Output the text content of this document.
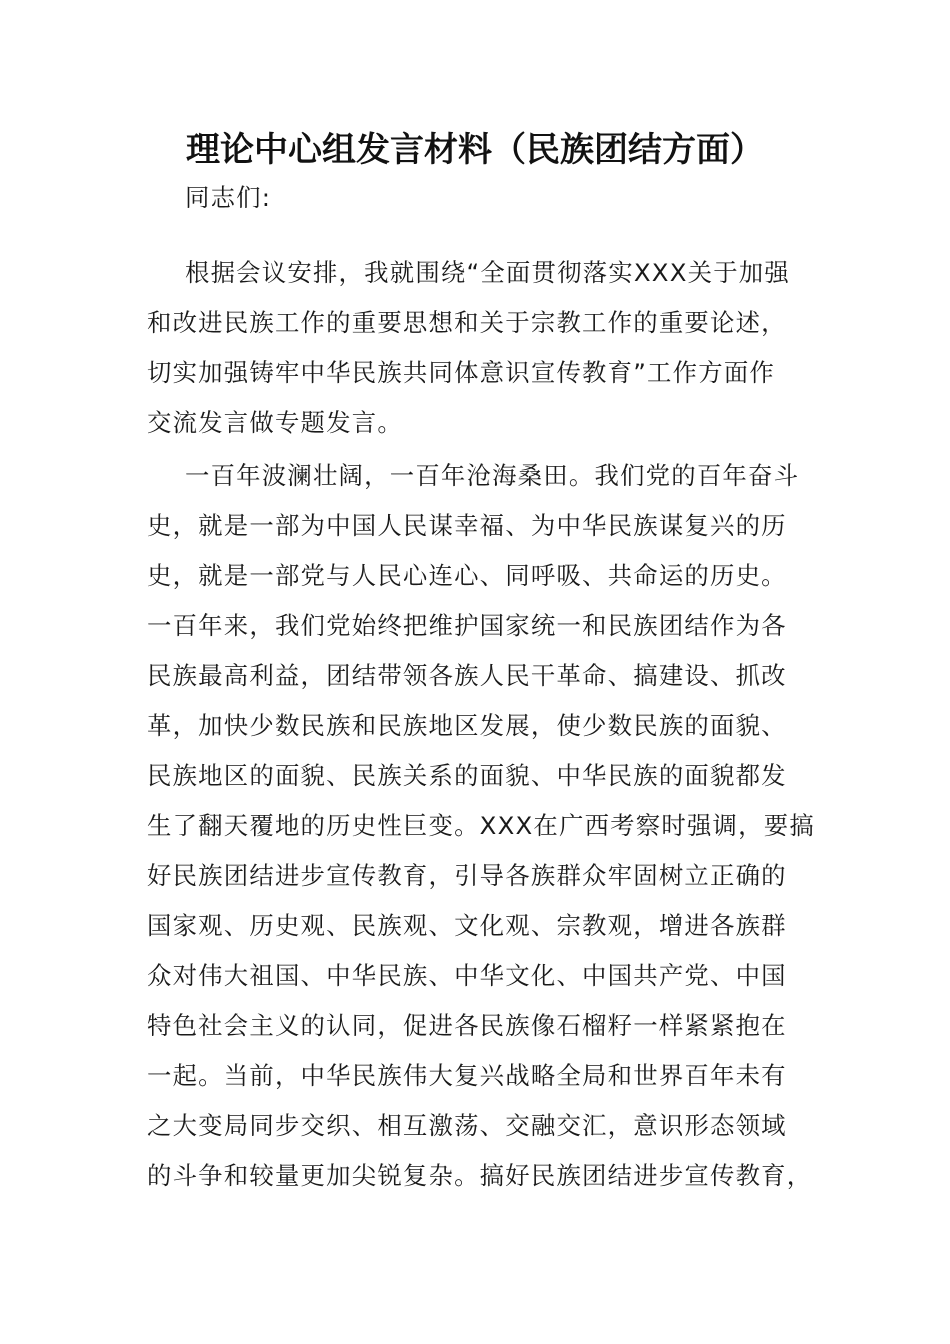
理论中心组发言材料（民族团结方面）
同志们:
根据会议安排，我就围绕“全面贯彻落实XXX关于加强
和改进民族工作的重要思想和关于宗教工作的重要论述，
切实加强铸牢中华民族共同体意识宣传教育”工作方面作
交流发言做专题发言。
一百年波澜壮阔，一百年沧海桑田。我们党的百年奋斗
史，就是一部为中国人民谋幸福、为中华民族谋复兴的历
史，就是一部党与人民心连心、同呼吸、共命运的历史。
一百年来，我们党始终把维护国家统一和民族团结作为各
民族最高利益，团结带领各族人民干革命、搞建设、抓改
革，加快少数民族和民族地区发展，使少数民族的面貌、
民族地区的面貌、民族关系的面貌、中华民族的面貌都发
生了翻天覆地的历史性巨变。XXX在广西考察时强调，要搞
好民族团结进步宣传教育，引导各族群众牢固树立正确的
国家观、历史观、民族观、文化观、宗教观，增进各族群
众对伟大祖国、中华民族、中华文化、中国共产党、中国
特色社会主义的认同，促进各民族像石榴籽一样紧紧抱在
一起。当前，中华民族伟大复兴战略全局和世界百年未有
之大变局同步交织、相互激荡、交融交汇，意识形态领域
的斗争和较量更加尖锐复杂。搞好民族团结进步宣传教育，
